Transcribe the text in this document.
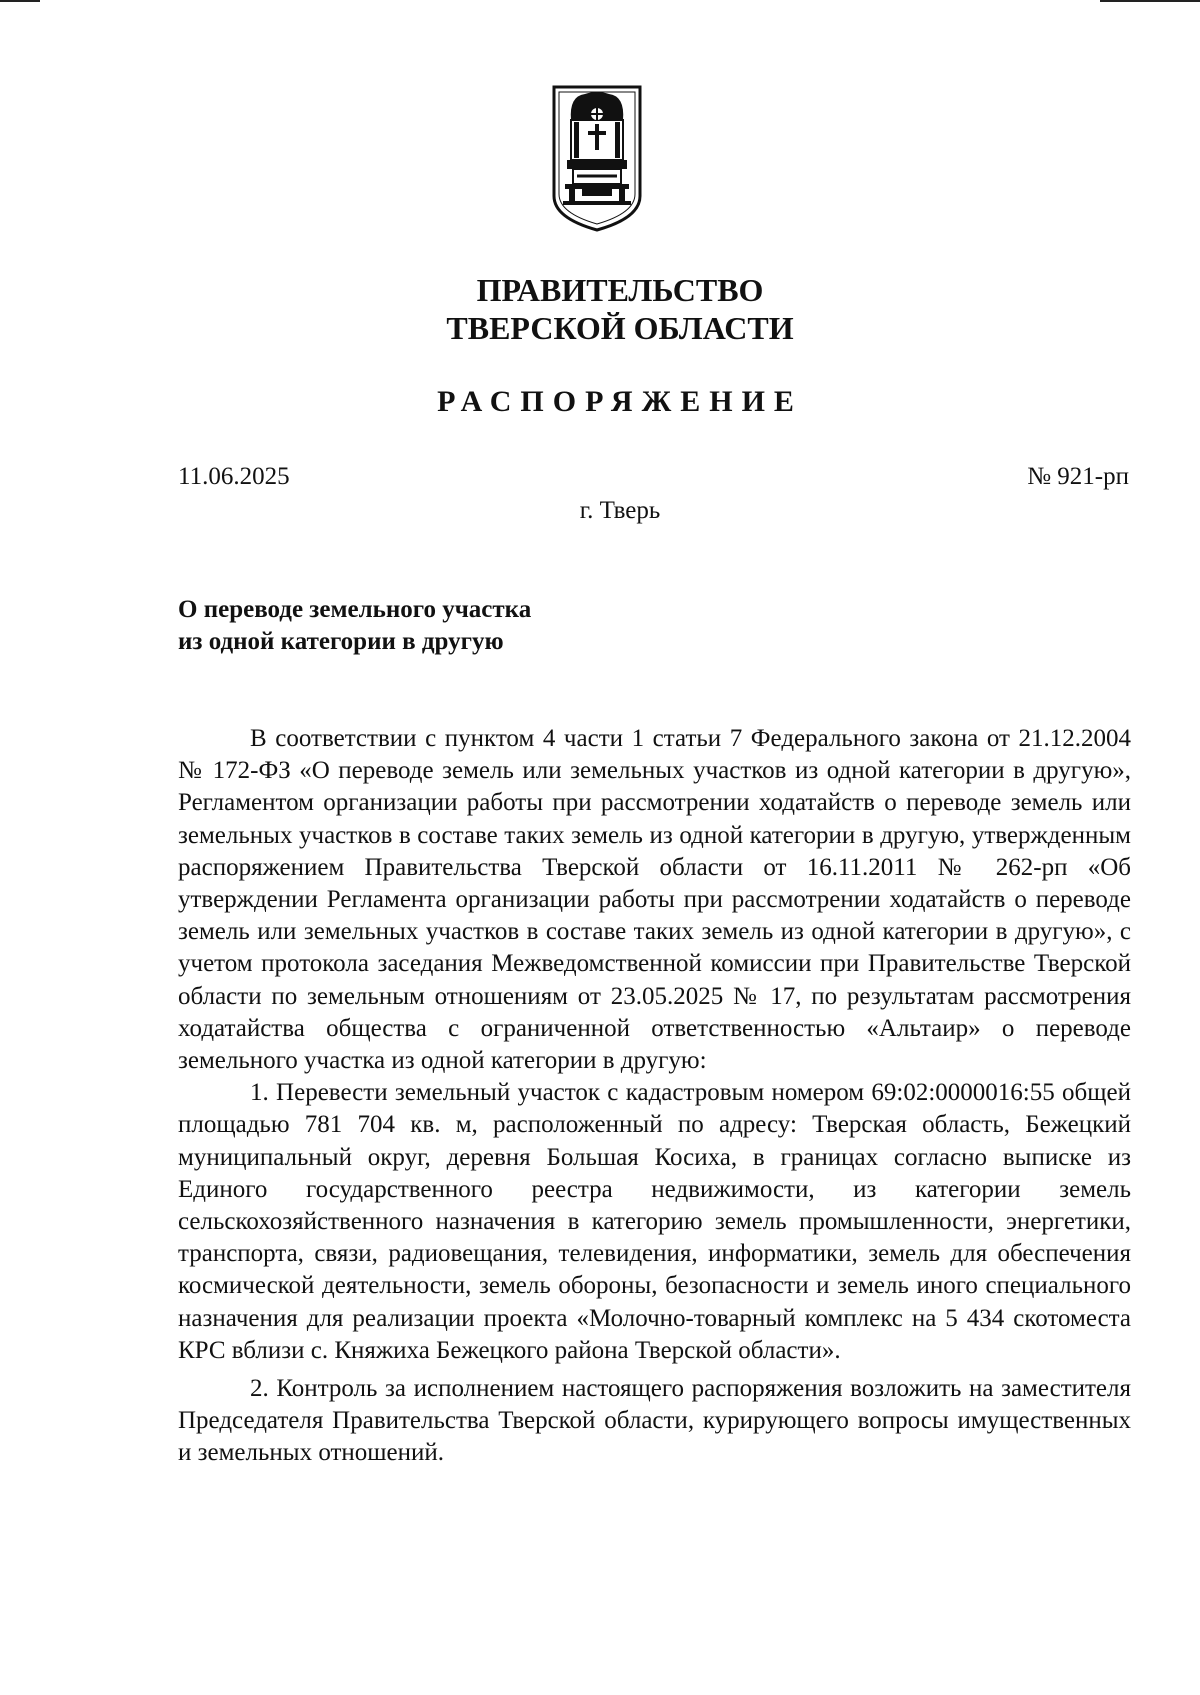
ПРАВИТЕЛЬСТВО
ТВЕРСКОЙ ОБЛАСТИ
РАСПОРЯЖЕНИЕ
11.06.2025	№ 921-рп
г. Тверь
О переводе земельного участка
из одной категории в другую

В соответствии с пунктом 4 части 1 статьи 7 Федерального закона от 21.12.2004 № 172-ФЗ «О переводе земель или земельных участков из одной категории в другую», Регламентом организации работы при рассмотрении ходатайств о переводе земель или земельных участков в составе таких земель из одной категории в другую, утвержденным распоряжением Правительства Тверской области от 16.11.2011 № 262-рп «Об утверждении Регламента организации работы при рассмотрении ходатайств о переводе земель или земельных участков в составе таких земель из одной категории в другую», с учетом протокола заседания Межведомственной комиссии при Правительстве Тверской области по земельным отношениям от 23.05.2025 № 17, по результатам рассмотрения ходатайства общества с ограниченной ответственностью «Альтаир» о переводе земельного участка из одной категории в другую:

1. Перевести земельный участок с кадастровым номером 69:02:0000016:55 общей площадью 781 704 кв. м, расположенный по адресу: Тверская область, Бежецкий муниципальный округ, деревня Большая Косиха, в границах согласно выписке из Единого государственного реестра недвижимости, из категории земель сельскохозяйственного назначения в категорию земель промышленности, энергетики, транспорта, связи, радиовещания, телевидения, информатики, земель для обеспечения космической деятельности, земель обороны, безопасности и земель иного специального назначения для реализации проекта «Молочно-товарный комплекс на 5 434 скотоместа КРС вблизи с. Княжиха Бежецкого района Тверской области».

2. Контроль за исполнением настоящего распоряжения возложить на заместителя Председателя Правительства Тверской области, курирующего вопросы имущественных и земельных отношений.
